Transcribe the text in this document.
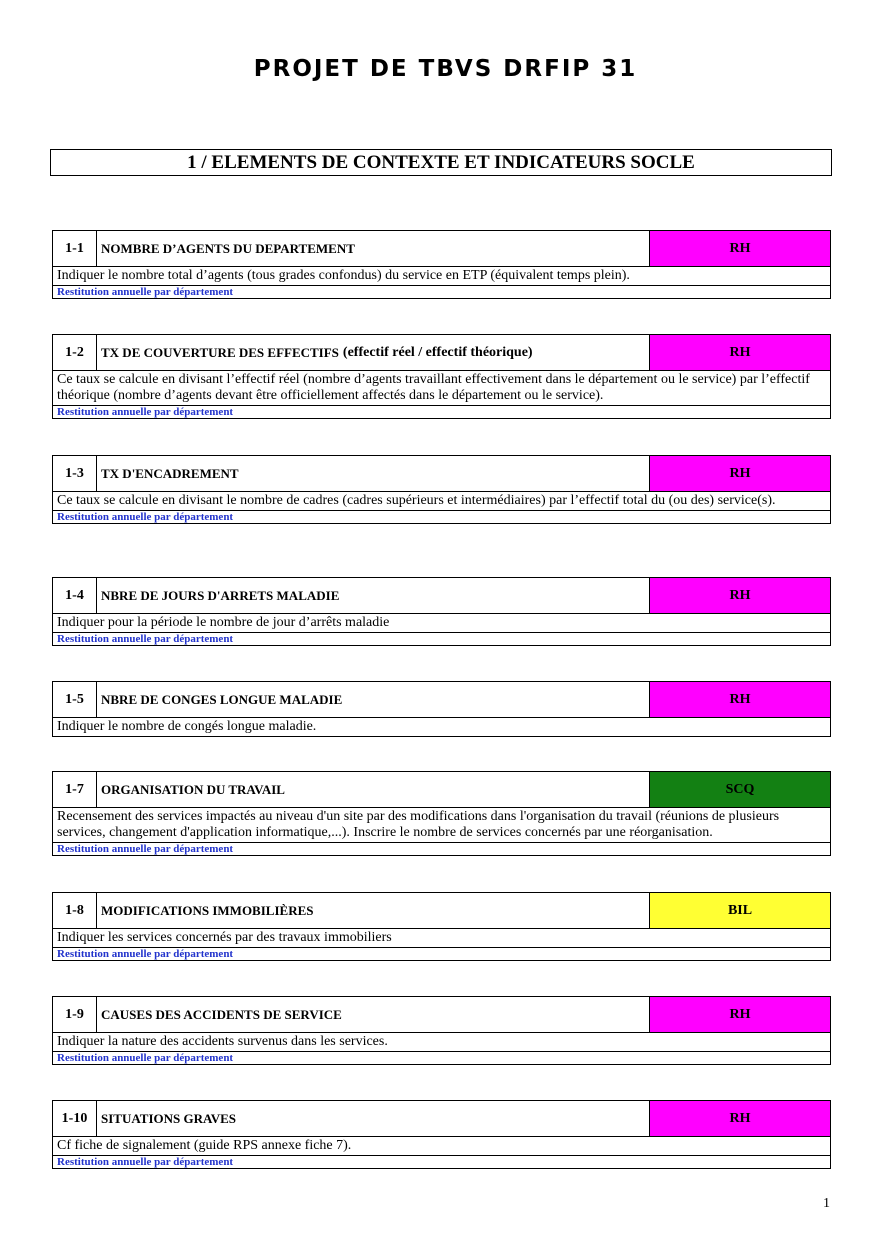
PROJET DE TBVS DRFIP 31
1 / ELEMENTS DE CONTEXTE ET INDICATEURS SOCLE
1-1	NOMBRE D’AGENTS DU DEPARTEMENT	RH
Indiquer le nombre total d’agents (tous grades confondus) du service en ETP (équivalent temps plein).
Restitution annuelle par département
1-2	TX DE COUVERTURE DES EFFECTIFS (effectif réel / effectif théorique)	RH
Ce taux se calcule en divisant l’effectif réel (nombre d’agents travaillant effectivement dans le département ou le service) par l’effectif théorique (nombre d’agents devant être officiellement affectés dans le département ou le service).
Restitution annuelle par département
1-3	TX D'ENCADREMENT	RH
Ce taux se calcule en divisant le nombre de cadres (cadres supérieurs et intermédiaires) par l’effectif total du (ou des) service(s).
Restitution annuelle par département
1-4	NBRE DE JOURS D'ARRETS MALADIE	RH
Indiquer pour la période le nombre de jour d’arrêts maladie
Restitution annuelle par département
1-5	NBRE DE CONGES LONGUE MALADIE	RH
Indiquer le nombre de congés longue maladie.
1-7	ORGANISATION DU TRAVAIL	SCQ
Recensement des services impactés au niveau d'un site par des modifications dans l'organisation du travail (réunions de plusieurs services, changement d'application informatique,...). Inscrire le nombre de services concernés par une réorganisation.
Restitution annuelle par département
1-8	MODIFICATIONS IMMOBILIÈRES	BIL
Indiquer les services concernés par des travaux immobiliers
Restitution annuelle par département
1-9	CAUSES DES ACCIDENTS DE SERVICE	RH
Indiquer la nature des accidents survenus dans les services.
Restitution annuelle par département
1-10	SITUATIONS GRAVES	RH
Cf fiche de signalement (guide RPS annexe fiche 7).
Restitution annuelle par département
1
